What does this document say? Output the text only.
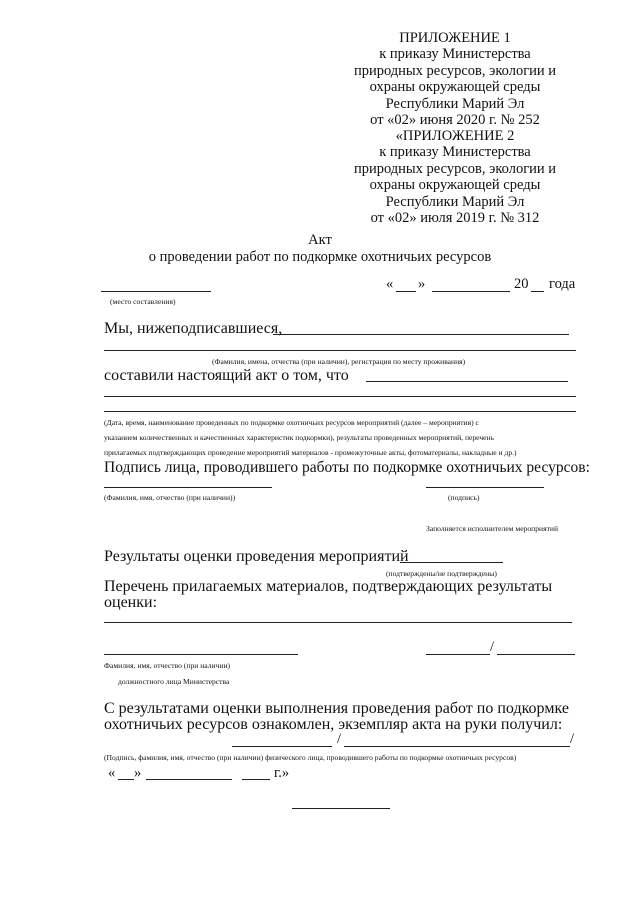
ПРИЛОЖЕНИЕ 1
к приказу Министерства
природных ресурсов, экологии и
охраны окружающей среды
Республики Марий Эл
от «02» июня 2020 г. № 252
«ПРИЛОЖЕНИЕ 2
к приказу Министерства
природных ресурсов, экологии и
охраны окружающей среды
Республики Марий Эл
от «02» июля 2019 г. № 312
Акт
о проведении работ по подкормке охотничьих ресурсов
(место составления)
« »	20 года
Мы, нижеподписавшиеся,
(Фамилия, имена, отчества (при наличии), регистрация по месту проживания)
составили настоящий акт о том, что
(Дата, время, наименование проведенных по подкормке охотничьих ресурсов мероприятий (далее – мероприятия) с
указанием количественных и качественных характеристик подкормки), результаты проведенных мероприятий, перечень
прилагаемых подтверждающих проведение мероприятий материалов - промежуточные акты, фотоматериалы, накладные и др.)
Подпись лица, проводившего работы по подкормке охотничьих ресурсов:
(Фамилия, имя, отчество (при наличии))	(подпись)
Заполняется исполнителем мероприятий
Результаты оценки проведения мероприятий
(подтверждены/не подтверждены)
Перечень прилагаемых материалов, подтверждающих результаты
оценки:
/
Фамилия, имя, отчество (при наличии)
должностного лица Министерства
С результатами оценки выполнения проведения работ по подкормке
охотничьих ресурсов ознакомлен, экземпляр акта на руки получил:
/	/
(Подпись, фамилия, имя, отчество (при наличии) физического лица, проводившего работы по подкормке охотничьих ресурсов)
« »	г.»
